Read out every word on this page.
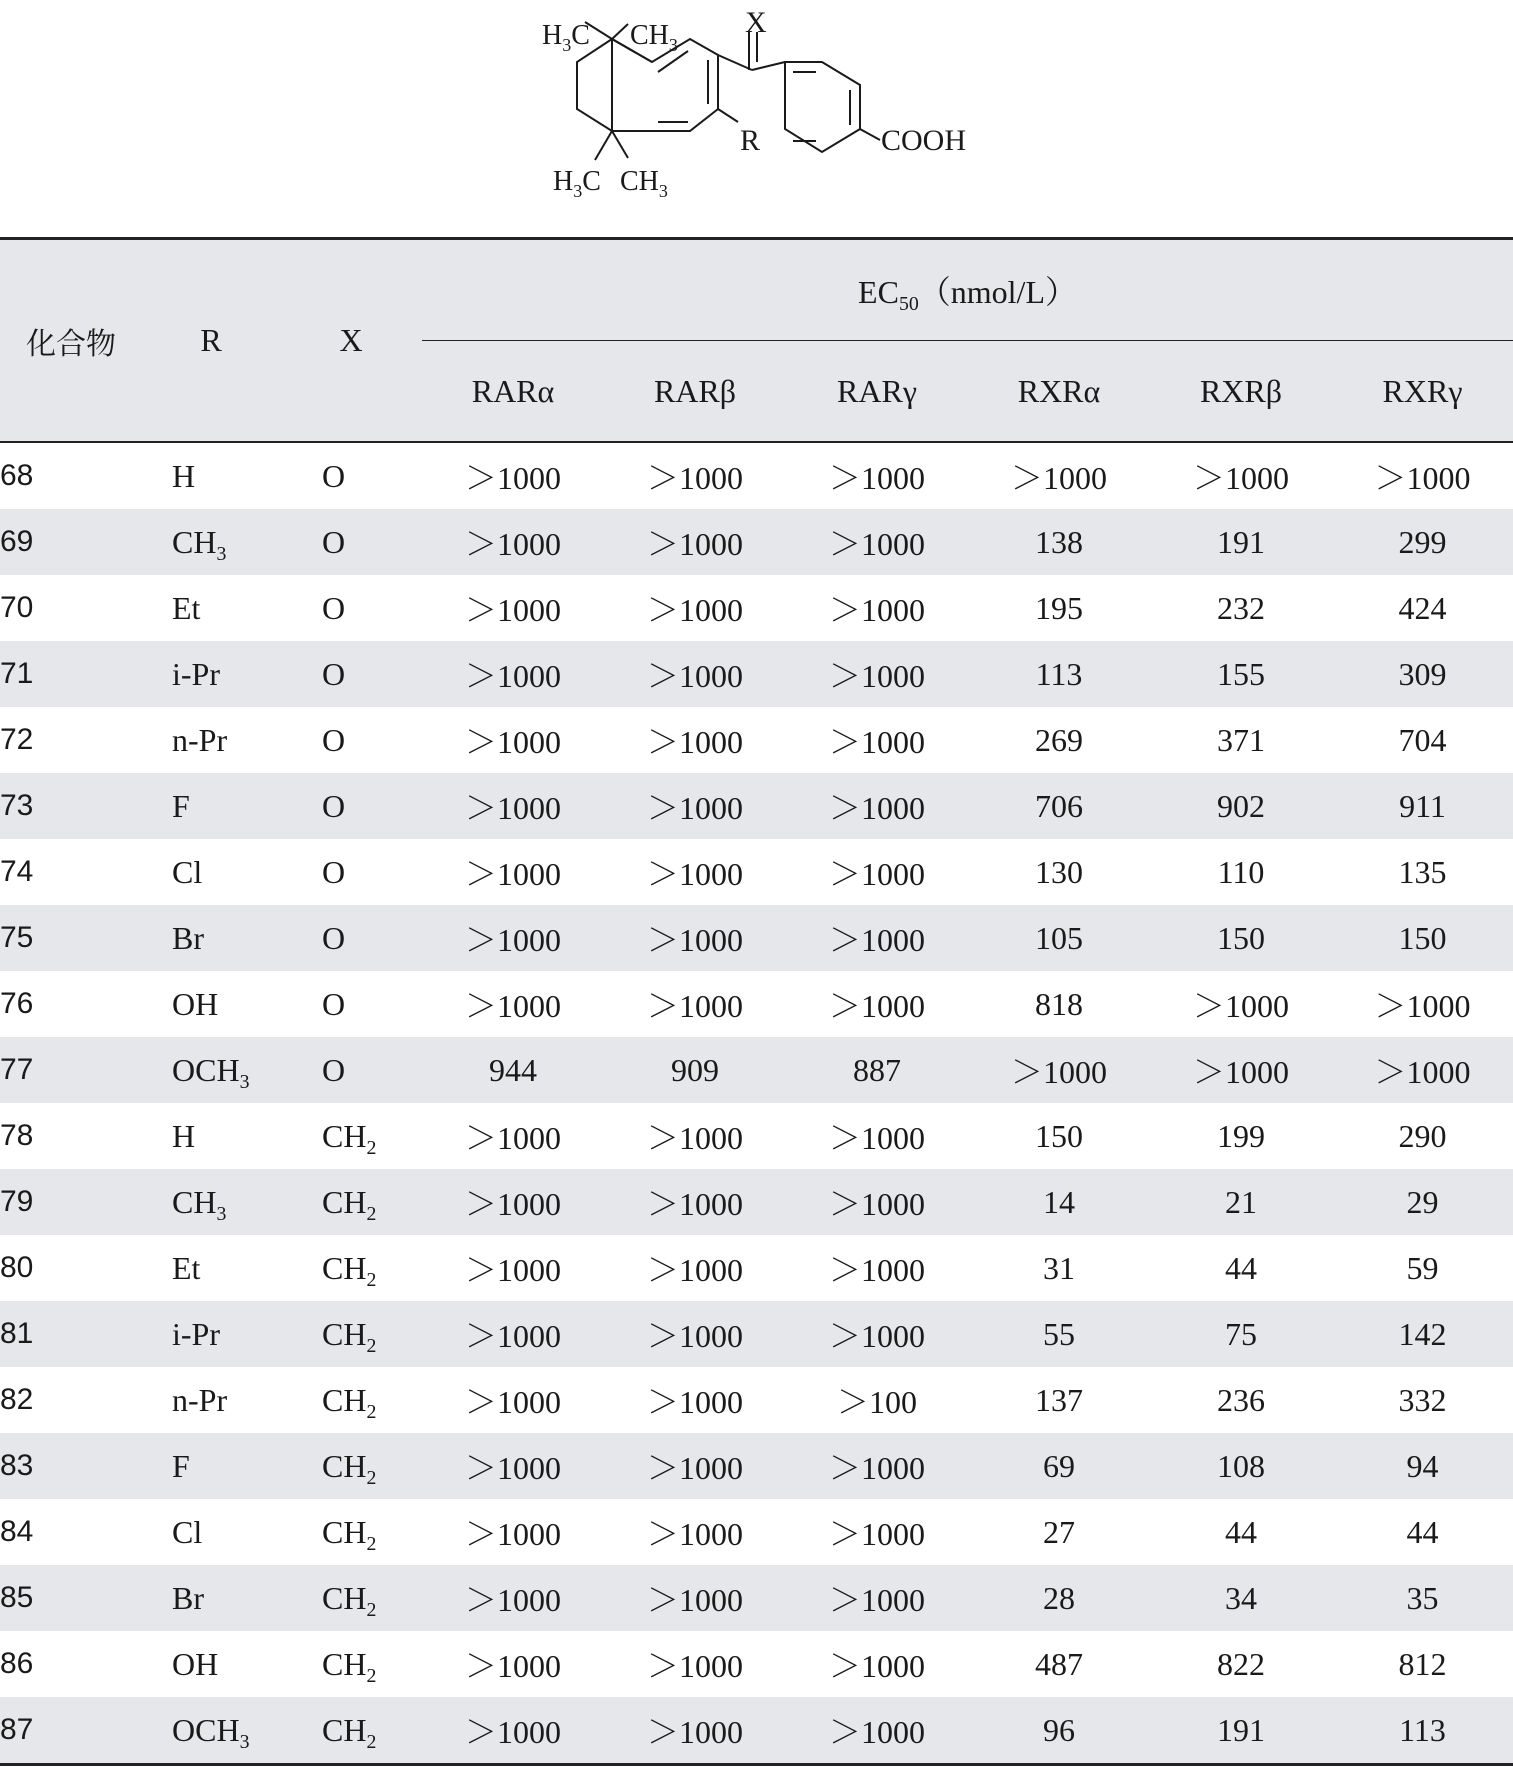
X
R	COOH
$H_3C$ $CH_3$
$H_3C$ $CH_3$
化合物	R	X	$EC_{50}(nmol/L)$					
			RARα	RARβ	RARγ	RXRα	RXRβ	RXRγ
68	H	O	＞1000	＞1000	＞1000	＞1000	＞1000	＞1000
69	$CH_3$	O	＞1000	＞1000	＞1000	138	191	299
70	Et	O	＞1000	＞1000	＞1000	195	232	424
71	i-Pr	O	＞1000	＞1000	＞1000	113	155	309
72	n-Pr	O	＞1000	＞1000	＞1000	269	371	704
73	F	O	＞1000	＞1000	＞1000	706	902	911
74	Cl	O	＞1000	＞1000	＞1000	130	110	135
75	Br	O	＞1000	＞1000	＞1000	105	150	150
76	OH	O	＞1000	＞1000	＞1000	818	＞1000	＞1000
77	$OCH_3$	O	944	909	887	＞1000	＞1000	＞1000
78	H	$CH_2$	＞1000	＞1000	＞1000	150	199	290
79	$CH_3$	$CH_2$	＞1000	＞1000	＞1000	14	21	29
80	Et	$CH_2$	＞1000	＞1000	＞1000	31	44	59
81	i-Pr	$CH_2$	＞1000	＞1000	＞1000	55	75	142
82	n-Pr	$CH_2$	＞1000	＞1000	＞100	137	236	332
83	F	$CH_2$	＞1000	＞1000	＞1000	69	108	94
84	Cl	$CH_2$	＞1000	＞1000	＞1000	27	44	44
85	Br	$CH_2$	＞1000	＞1000	＞1000	28	34	35
86	OH	$CH_2$	＞1000	＞1000	＞1000	487	822	812
87	$OCH_3$	$CH_2$	＞1000	＞1000	＞1000	96	191	113
